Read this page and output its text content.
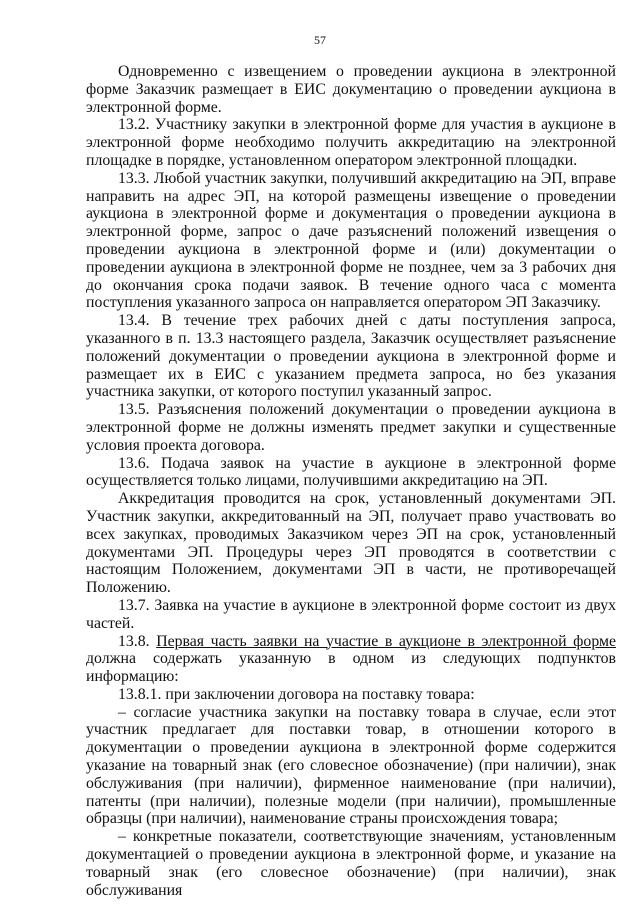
57

Одновременно с извещением о проведении аукциона в электронной форме Заказчик размещает в ЕИС документацию о проведении аукциона в электронной форме.

13.2. Участнику закупки в электронной форме для участия в аукционе в электронной форме необходимо получить аккредитацию на электронной площадке в порядке, установленном оператором электронной площадки.

13.3. Любой участник закупки, получивший аккредитацию на ЭП, вправе направить на адрес ЭП, на которой размещены извещение о проведении аукциона в электронной форме и документация о проведении аукциона в электронной форме, запрос о даче разъяснений положений извещения о проведении аукциона в электронной форме и (или) документации о проведении аукциона в электронной форме не позднее, чем за 3 рабочих дня до окончания срока подачи заявок. В течение одного часа с момента поступления указанного запроса он направляется оператором ЭП Заказчику.

13.4. В течение трех рабочих дней с даты поступления запроса, указанного в п. 13.3 настоящего раздела, Заказчик осуществляет разъяснение положений документации о проведении аукциона в электронной форме и размещает их в ЕИС с указанием предмета запроса, но без указания участника закупки, от которого поступил указанный запрос.

13.5. Разъяснения положений документации о проведении аукциона в электронной форме не должны изменять предмет закупки и существенные условия проекта договора.

13.6. Подача заявок на участие в аукционе в электронной форме осуществляется только лицами, получившими аккредитацию на ЭП.

Аккредитация проводится на срок, установленный документами ЭП. Участник закупки, аккредитованный на ЭП, получает право участвовать во всех закупках, проводимых Заказчиком через ЭП на срок, установленный документами ЭП. Процедуры через ЭП проводятся в соответствии с настоящим Положением, документами ЭП в части, не противоречащей Положению.

13.7. Заявка на участие в аукционе в электронной форме состоит из двух частей.

13.8. Первая часть заявки на участие в аукционе в электронной форме должна содержать указанную в одном из следующих подпунктов информацию:

13.8.1. при заключении договора на поставку товара:

– согласие участника закупки на поставку товара в случае, если этот участник предлагает для поставки товар, в отношении которого в документации о проведении аукциона в электронной форме содержится указание на товарный знак (его словесное обозначение) (при наличии), знак обслуживания (при наличии), фирменное наименование (при наличии), патенты (при наличии), полезные модели (при наличии), промышленные образцы (при наличии), наименование страны происхождения товара;

– конкретные показатели, соответствующие значениям, установленным документацией о проведении аукциона в электронной форме, и указание на товарный знак (его словесное обозначение) (при наличии), знак обслуживания
